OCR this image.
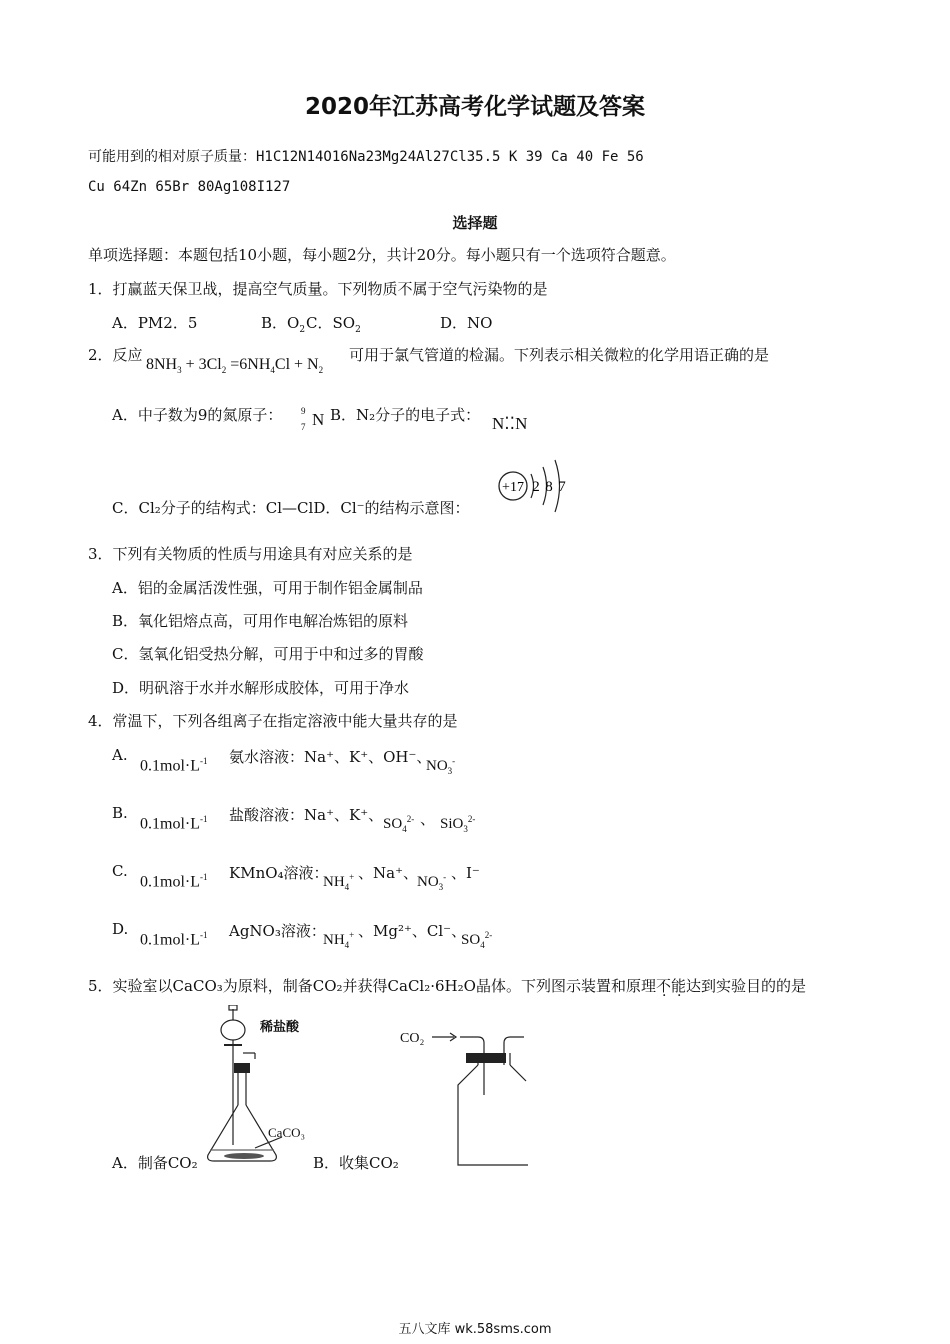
2020年江苏高考化学试题及答案
可能用到的相对原子质量：H1C12N14O16Na23Mg24Al27Cl35.5 K 39 Ca 40 Fe 56
Cu 64Zn 65Br 80Ag108I127
选择题
单项选择题：本题包括10小题，每小题2分，共计20分。每小题只有一个选项符合题意。
1．打赢蓝天保卫战，提高空气质量。下列物质不属于空气污染物的是
A．PM2．5	B．$O_2$ C．$SO_2$	D．NO
2．反应
$8NH_3 + 3Cl_2 =6NH_4Cl + N_2$
可用于氯气管道的检漏。下列表示相关微粒的化学用语正确的是
A．中子数为9的氮原子： 9
7 N B．N₂分子的电子式： N⁚⁚N
C．Cl₂分子的结构式：Cl—ClD．Cl⁻的结构示意图：
+17 2 8 7
3．下列有关物质的性质与用途具有对应关系的是
A．铝的金属活泼性强，可用于制作铝金属制品
B．氧化铝熔点高，可用作电解冶炼铝的原料
C．氢氧化铝受热分解，可用于中和过多的胃酸
D．明矾溶于水并水解形成胶体，可用于净水
4．常温下，下列各组离子在指定溶液中能大量共存的是
A.
$0.1mol\cdot L^{-1}$ 氨水溶液：Na⁺、K⁺、OH⁻、
$NO_3^-$
B.
$0.1mol\cdot L^{-1}$ 盐酸溶液：Na⁺、K⁺、 $SO_4^{2-}$ 、 SiO$_3^{2-}$
C.
$0.1mol\cdot L^{-1}$ KMnO₄溶液：
$NH_4^+$ 、Na⁺、 $NO_3^-$ 、I⁻
D.
$0.1mol\cdot L^{-1}$ AgNO₃溶液：
$NH_4^+$ 、Mg²⁺、Cl⁻、
$SO_4^{2-}$
5．实验室以CaCO₃为原料，制备CO₂并获得CaCl₂·6H₂O晶体。下列图示装置和原理不能达到实验目的的是
稀盐酸
CaCO₃
A．制备CO₂
CO₂
B．收集CO₂
五八文库 wk.58sms.com
